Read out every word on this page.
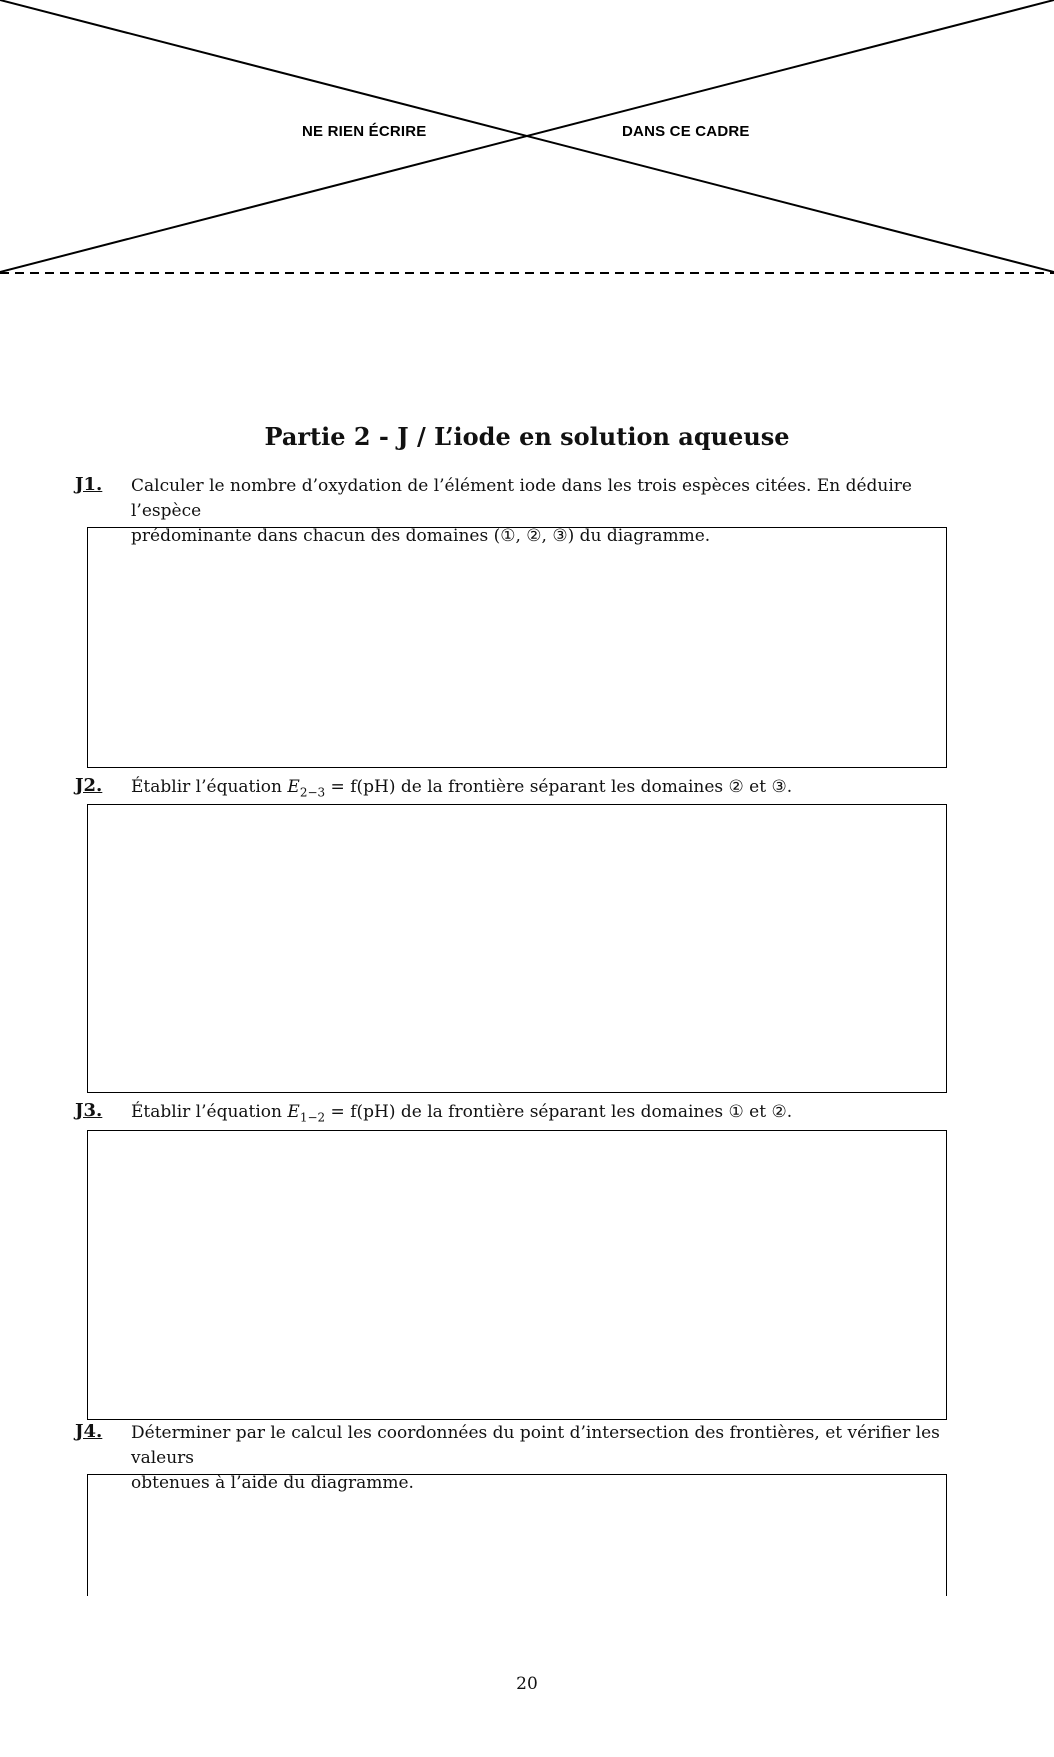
NE RIEN ÉCRIRE	DANS CE CADRE
Partie 2 - J / L’iode en solution aqueuse
J1. Calculer le nombre d’oxydation de l’élément iode dans les trois espèces citées. En déduire l’espèce
prédominante dans chacun des domaines (①, ②, ③) du diagramme.
J2. Établir l’équation $E_{2-3} = f(pH)$ de la frontière séparant les domaines ② et ③.
J3. Établir l’équation $E_{1-2} = f(pH)$ de la frontière séparant les domaines ① et ②.
J4. Déterminer par le calcul les coordonnées du point d’intersection des frontières, et vérifier les valeurs
obtenues à l’aide du diagramme.
20
